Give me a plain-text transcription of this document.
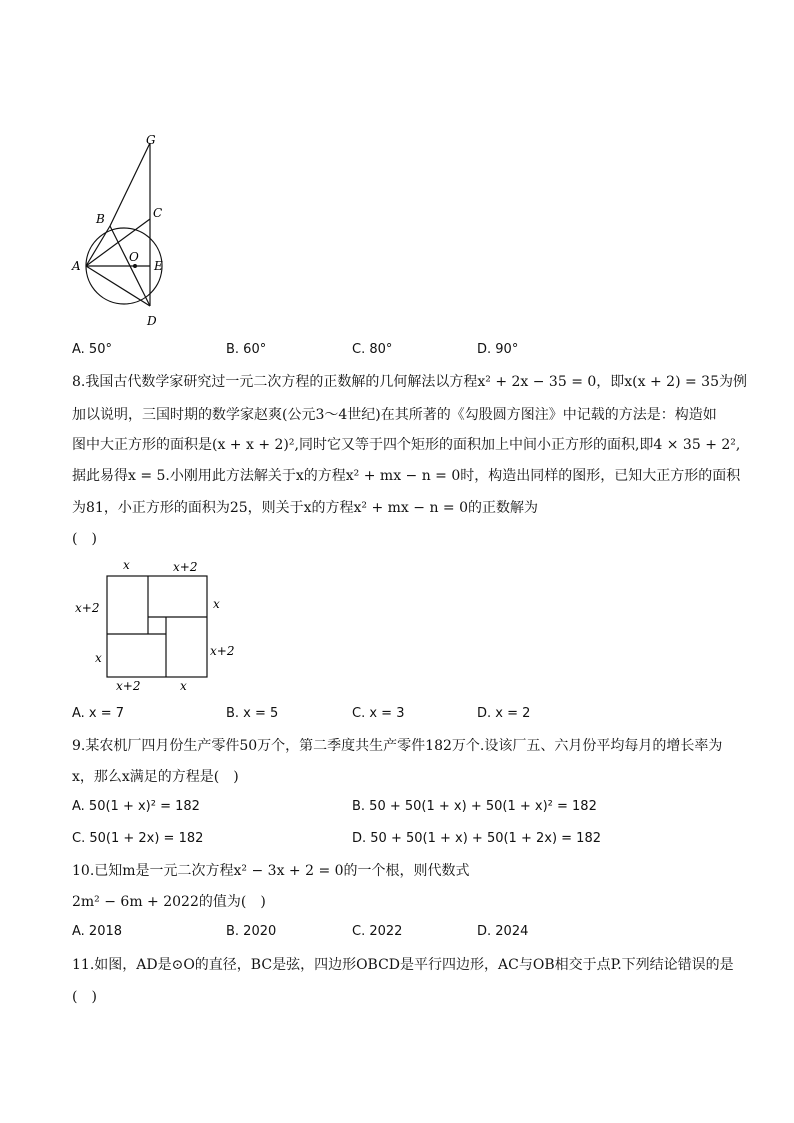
G
B	C
A
O
E
D
A. 50°	B. 60°	C. 80°	D. 90°
8.我国古代数学家研究过一元二次方程的正数解的几何解法以方程x² + 2x − 35 = 0，即x(x + 2) = 35为例
加以说明，三国时期的数学家赵爽(公元3～4世纪)在其所著的《勾股圆方图注》中记载的方法是：构造如
图中大正方形的面积是(x + x + 2)²,同时它又等于四个矩形的面积加上中间小正方形的面积,即4 × 35 + 2²,
据此易得x = 5.小刚用此方法解关于x的方程x² + mx − n = 0时，构造出同样的图形，已知大正方形的面积
为81，小正方形的面积为25，则关于x的方程x² + mx − n = 0的正数解为
(　)
x	x+2
x+2	x
x	x+2
x+2	x
A. x = 7	B. x = 5	C. x = 3	D. x = 2
9.某农机厂四月份生产零件50万个，第二季度共生产零件182万个.设该厂五、六月份平均每月的增长率为
x，那么x满足的方程是(　)
A. 50(1 + x)² = 182	B. 50 + 50(1 + x) + 50(1 + x)² = 182
C. 50(1 + 2x) = 182	D. 50 + 50(1 + x) + 50(1 + 2x) = 182
10.已知m是一元二次方程x² − 3x + 2 = 0的一个根，则代数式
2m² − 6m + 2022的值为(　)
A. 2018	B. 2020	C. 2022	D. 2024
11.如图，AD是⊙O的直径，BC是弦，四边形OBCD是平行四边形，AC与OB相交于点P.下列结论错误的是
(　)
